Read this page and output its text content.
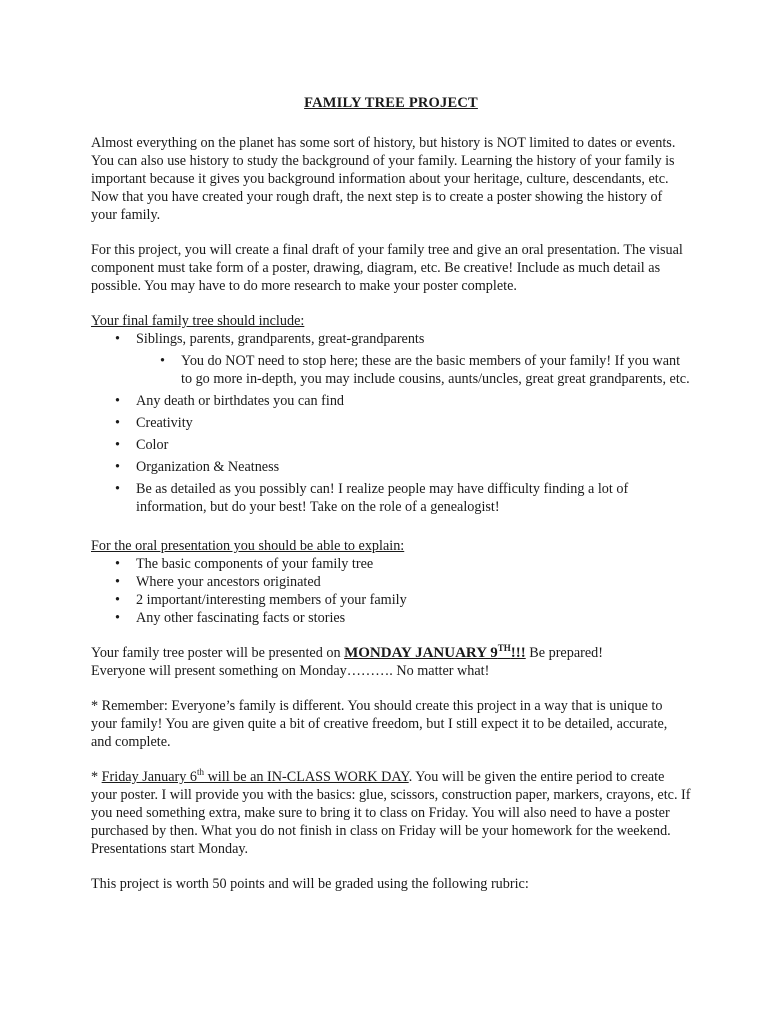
FAMILY TREE PROJECT

Almost everything on the planet has some sort of history, but history is NOT limited to dates or events. You can also use history to study the background of your family. Learning the history of your family is important because it gives you background information about your heritage, culture, descendants, etc. Now that you have created your rough draft, the next step is to create a poster showing the history of your family.

For this project, you will create a final draft of your family tree and give an oral presentation. The visual component must take form of a poster, drawing, diagram, etc. Be creative! Include as much detail as possible. You may have to do more research to make your poster complete.

Your final family tree should include:
• Siblings, parents, grandparents, great-grandparents
• You do NOT need to stop here; these are the basic members of your family! If you want to go more in-depth, you may include cousins, aunts/uncles, great great grandparents, etc.
• Any death or birthdates you can find
• Creativity
• Color
• Organization & Neatness
• Be as detailed as you possibly can! I realize people may have difficulty finding a lot of information, but do your best! Take on the role of a genealogist!
For the oral presentation you should be able to explain:
• The basic components of your family tree
• Where your ancestors originated
• 2 important/interesting members of your family
• Any other fascinating facts or stories

Your family tree poster will be presented on MONDAY JANUARY 9TH!!! Be prepared!
Everyone will present something on Monday………. No matter what!

* Remember: Everyone’s family is different. You should create this project in a way that is unique to your family! You are given quite a bit of creative freedom, but I still expect it to be detailed, accurate, and complete.

* Friday January 6th will be an IN-CLASS WORK DAY. You will be given the entire period to create your poster. I will provide you with the basics: glue, scissors, construction paper, markers, crayons, etc. If you need something extra, make sure to bring it to class on Friday. You will also need to have a poster purchased by then. What you do not finish in class on Friday will be your homework for the weekend. Presentations start Monday.

This project is worth 50 points and will be graded using the following rubric:
